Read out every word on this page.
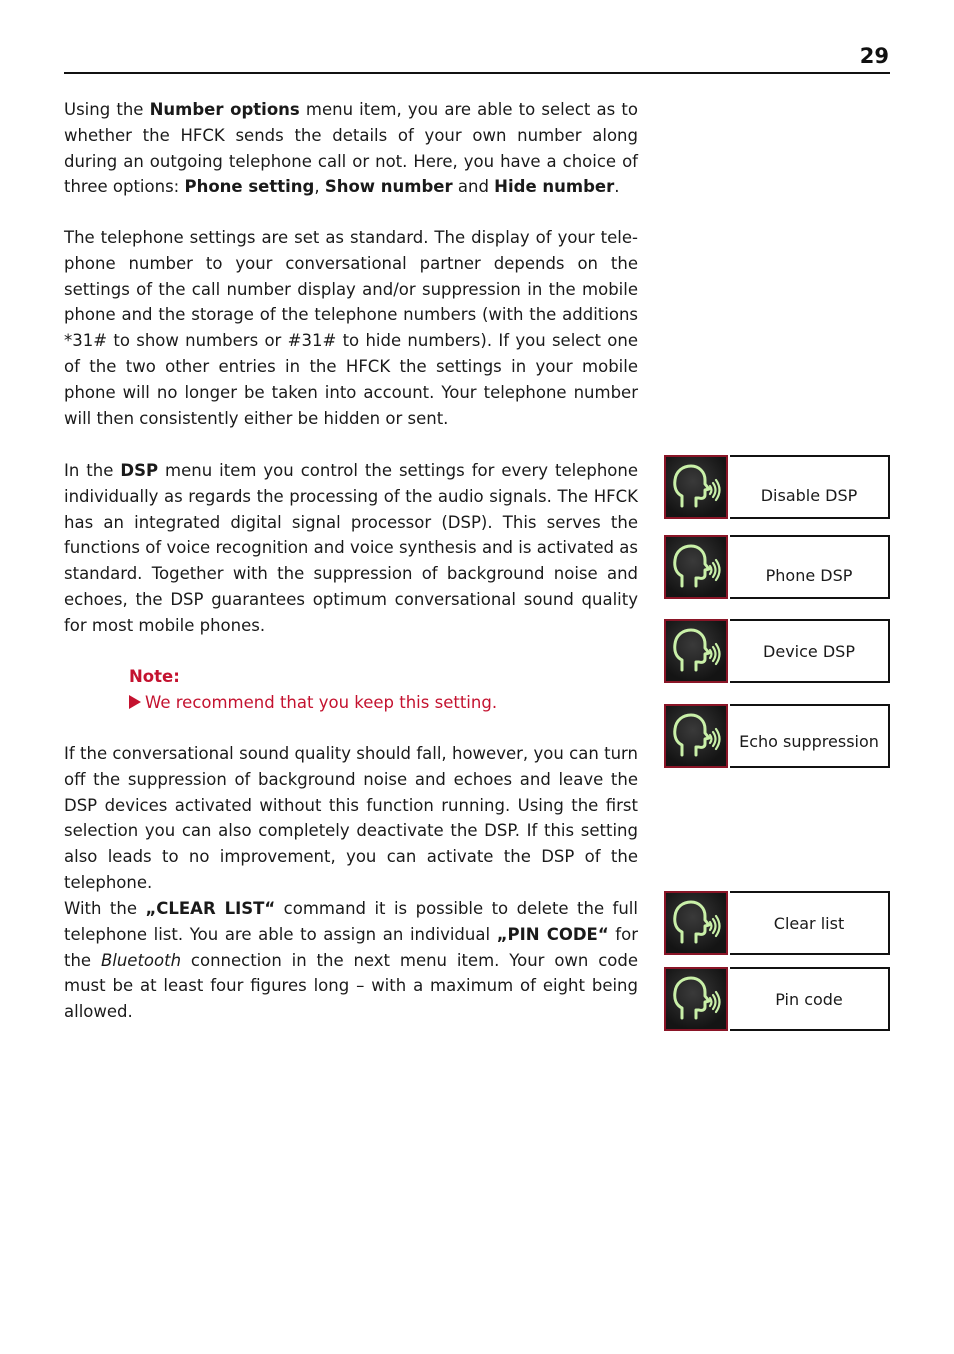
29

Using the Number options menu item, you are able to select as to whether the HFCK sends the details of your own number along during an outgoing telephone call or not. Here, you have a choice of three options: Phone setting, Show number and Hide number.

The telephone settings are set as standard. The display of your telephone number to your conversational partner depends on the settings of the call number display and/or suppression in the mobile phone and the storage of the telephone numbers (with the additions *31# to show numbers or #31# to hide numbers). If you select one of the two other entries in the HFCK the settings in your mobile phone will no longer be taken into account. Your telephone number will then consistently either be hidden or sent.

In the DSP menu item you control the settings for every telephone individually as regards the processing of the audio signals. The HFCK has an integrated digital signal processor (DSP). This serves the functions of voice recognition and voice synthesis and is activated as standard. Together with the suppression of background noise and echoes, the DSP guarantees optimum conversational sound quality for most mobile phones.

Note:
We recommend that you keep this setting.

If the conversational sound quality should fall, however, you can turn off the suppression of background noise and echoes and leave the DSP devices activated without this function running. Using the first selection you can also completely deactivate the DSP. If this setting also leads to no improvement, you can activate the DSP of the telephone.

With the „CLEAR LIST“ command it is possible to delete the full telephone list. You are able to assign an individual „PIN CODE“ for the Bluetooth connection in the next menu item. Your own code must be at least four figures long – with a maximum of eight being allowed.

Disable DSP
Phone DSP
Device DSP
Echo suppression
Clear list
Pin code
